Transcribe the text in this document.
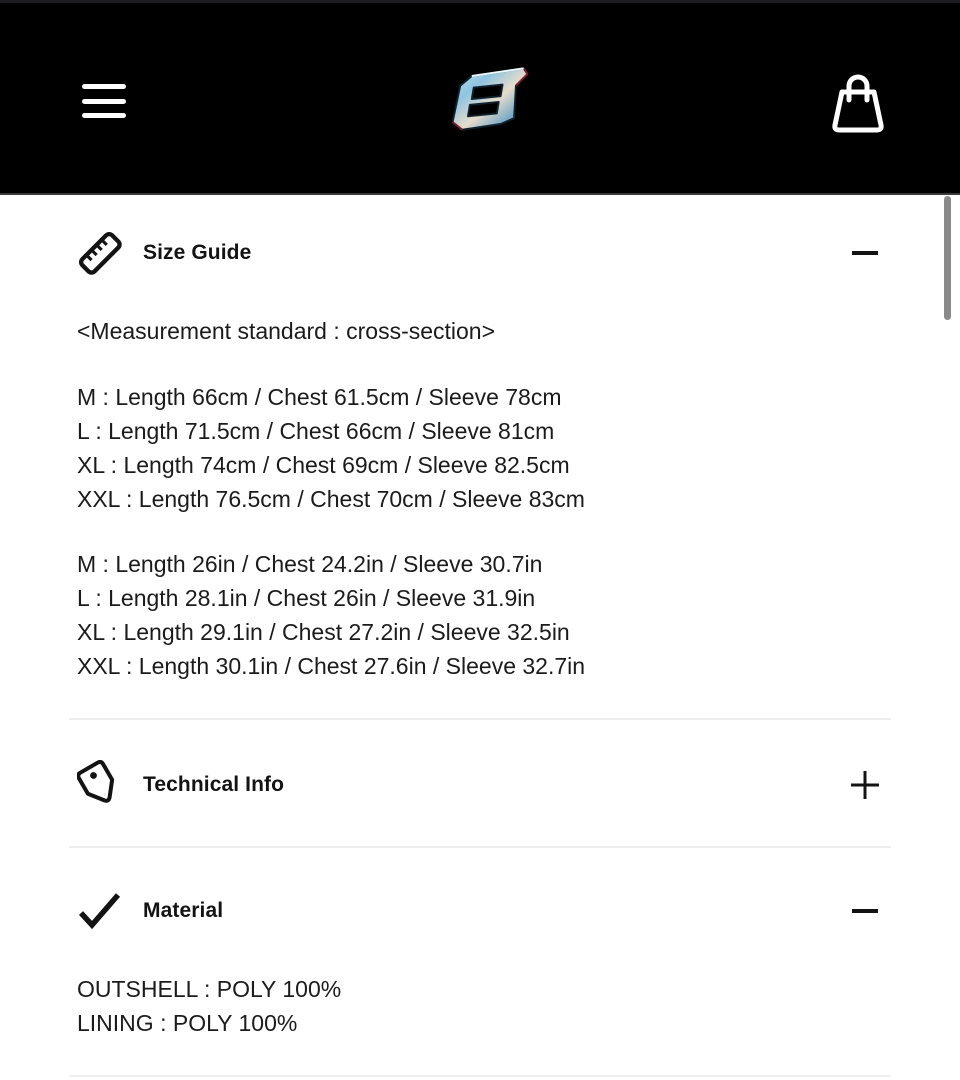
Size Guide

<Measurement standard : cross-section>

M : Length 66cm / Chest 61.5cm / Sleeve 78cm

L : Length 71.5cm / Chest 66cm / Sleeve 81cm

XL : Length 74cm / Chest 69cm / Sleeve 82.5cm

XXL : Length 76.5cm / Chest 70cm / Sleeve 83cm

M : Length 26in / Chest 24.2in / Sleeve 30.7in

L : Length 28.1in / Chest 26in / Sleeve 31.9in

XL : Length 29.1in / Chest 27.2in / Sleeve 32.5in

XXL : Length 30.1in / Chest 27.6in / Sleeve 32.7in

Technical Info
Material

OUTSHELL : POLY 100%

LINING : POLY 100%
